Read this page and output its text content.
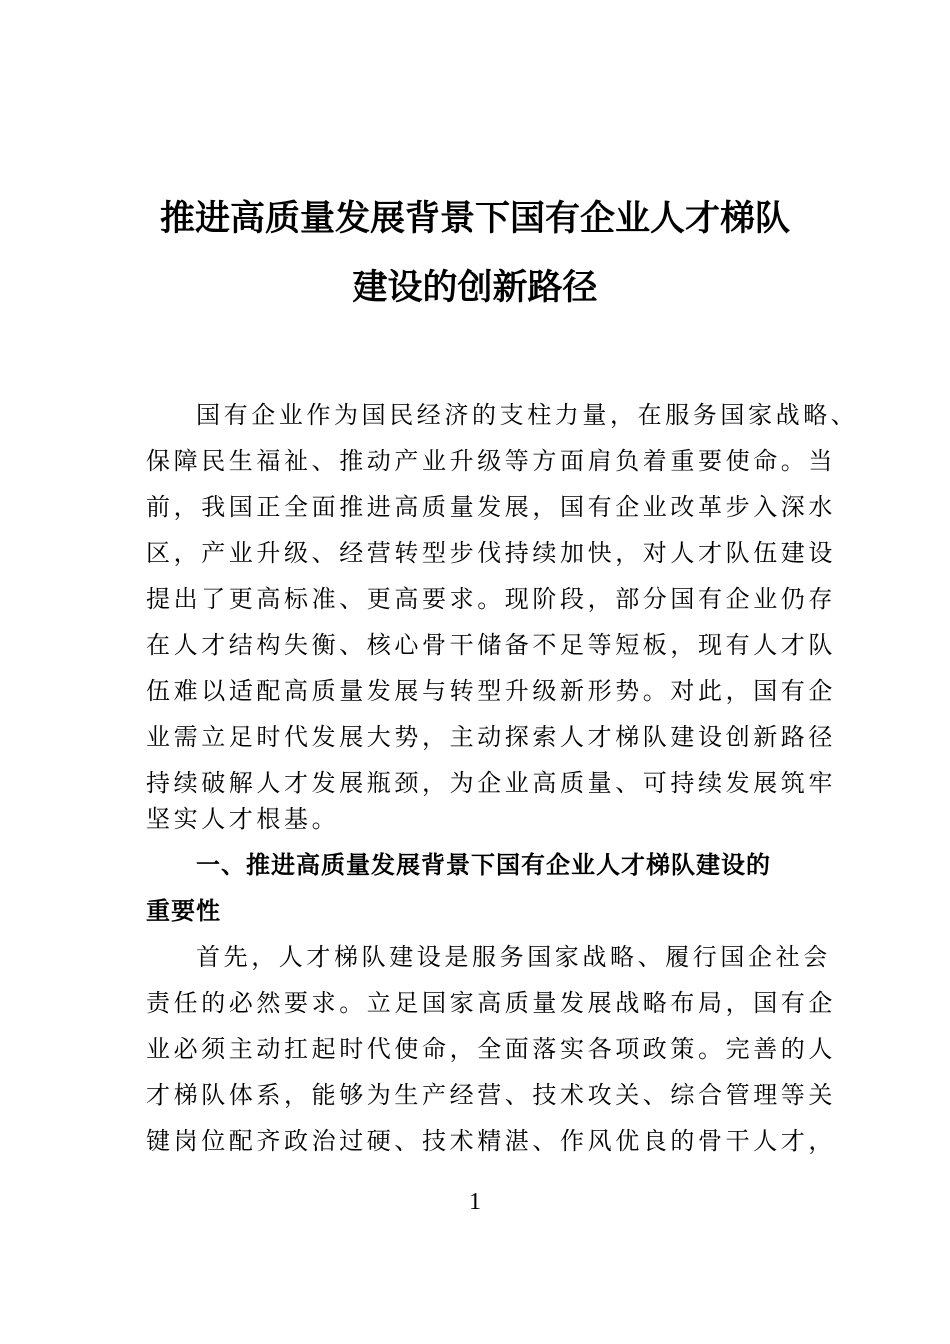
推进高质量发展背景下国有企业人才梯队
建设的创新路径
国有企业作为国民经济的支柱力量，在服务国家战略、
保障民生福祉、推动产业升级等方面肩负着重要使命。当
前，我国正全面推进高质量发展，国有企业改革步入深水
区，产业升级、经营转型步伐持续加快，对人才队伍建设
提出了更高标准、更高要求。现阶段，部分国有企业仍存
在人才结构失衡、核心骨干储备不足等短板，现有人才队
伍难以适配高质量发展与转型升级新形势。对此，国有企
业需立足时代发展大势，主动探索人才梯队建设创新路径
持续破解人才发展瓶颈，为企业高质量、可持续发展筑牢
坚实人才根基。
一、推进高质量发展背景下国有企业人才梯队建设的
重要性
首先，人才梯队建设是服务国家战略、履行国企社会
责任的必然要求。立足国家高质量发展战略布局，国有企
业必须主动扛起时代使命，全面落实各项政策。完善的人
才梯队体系，能够为生产经营、技术攻关、综合管理等关
键岗位配齐政治过硬、技术精湛、作风优良的骨干人才，
1
